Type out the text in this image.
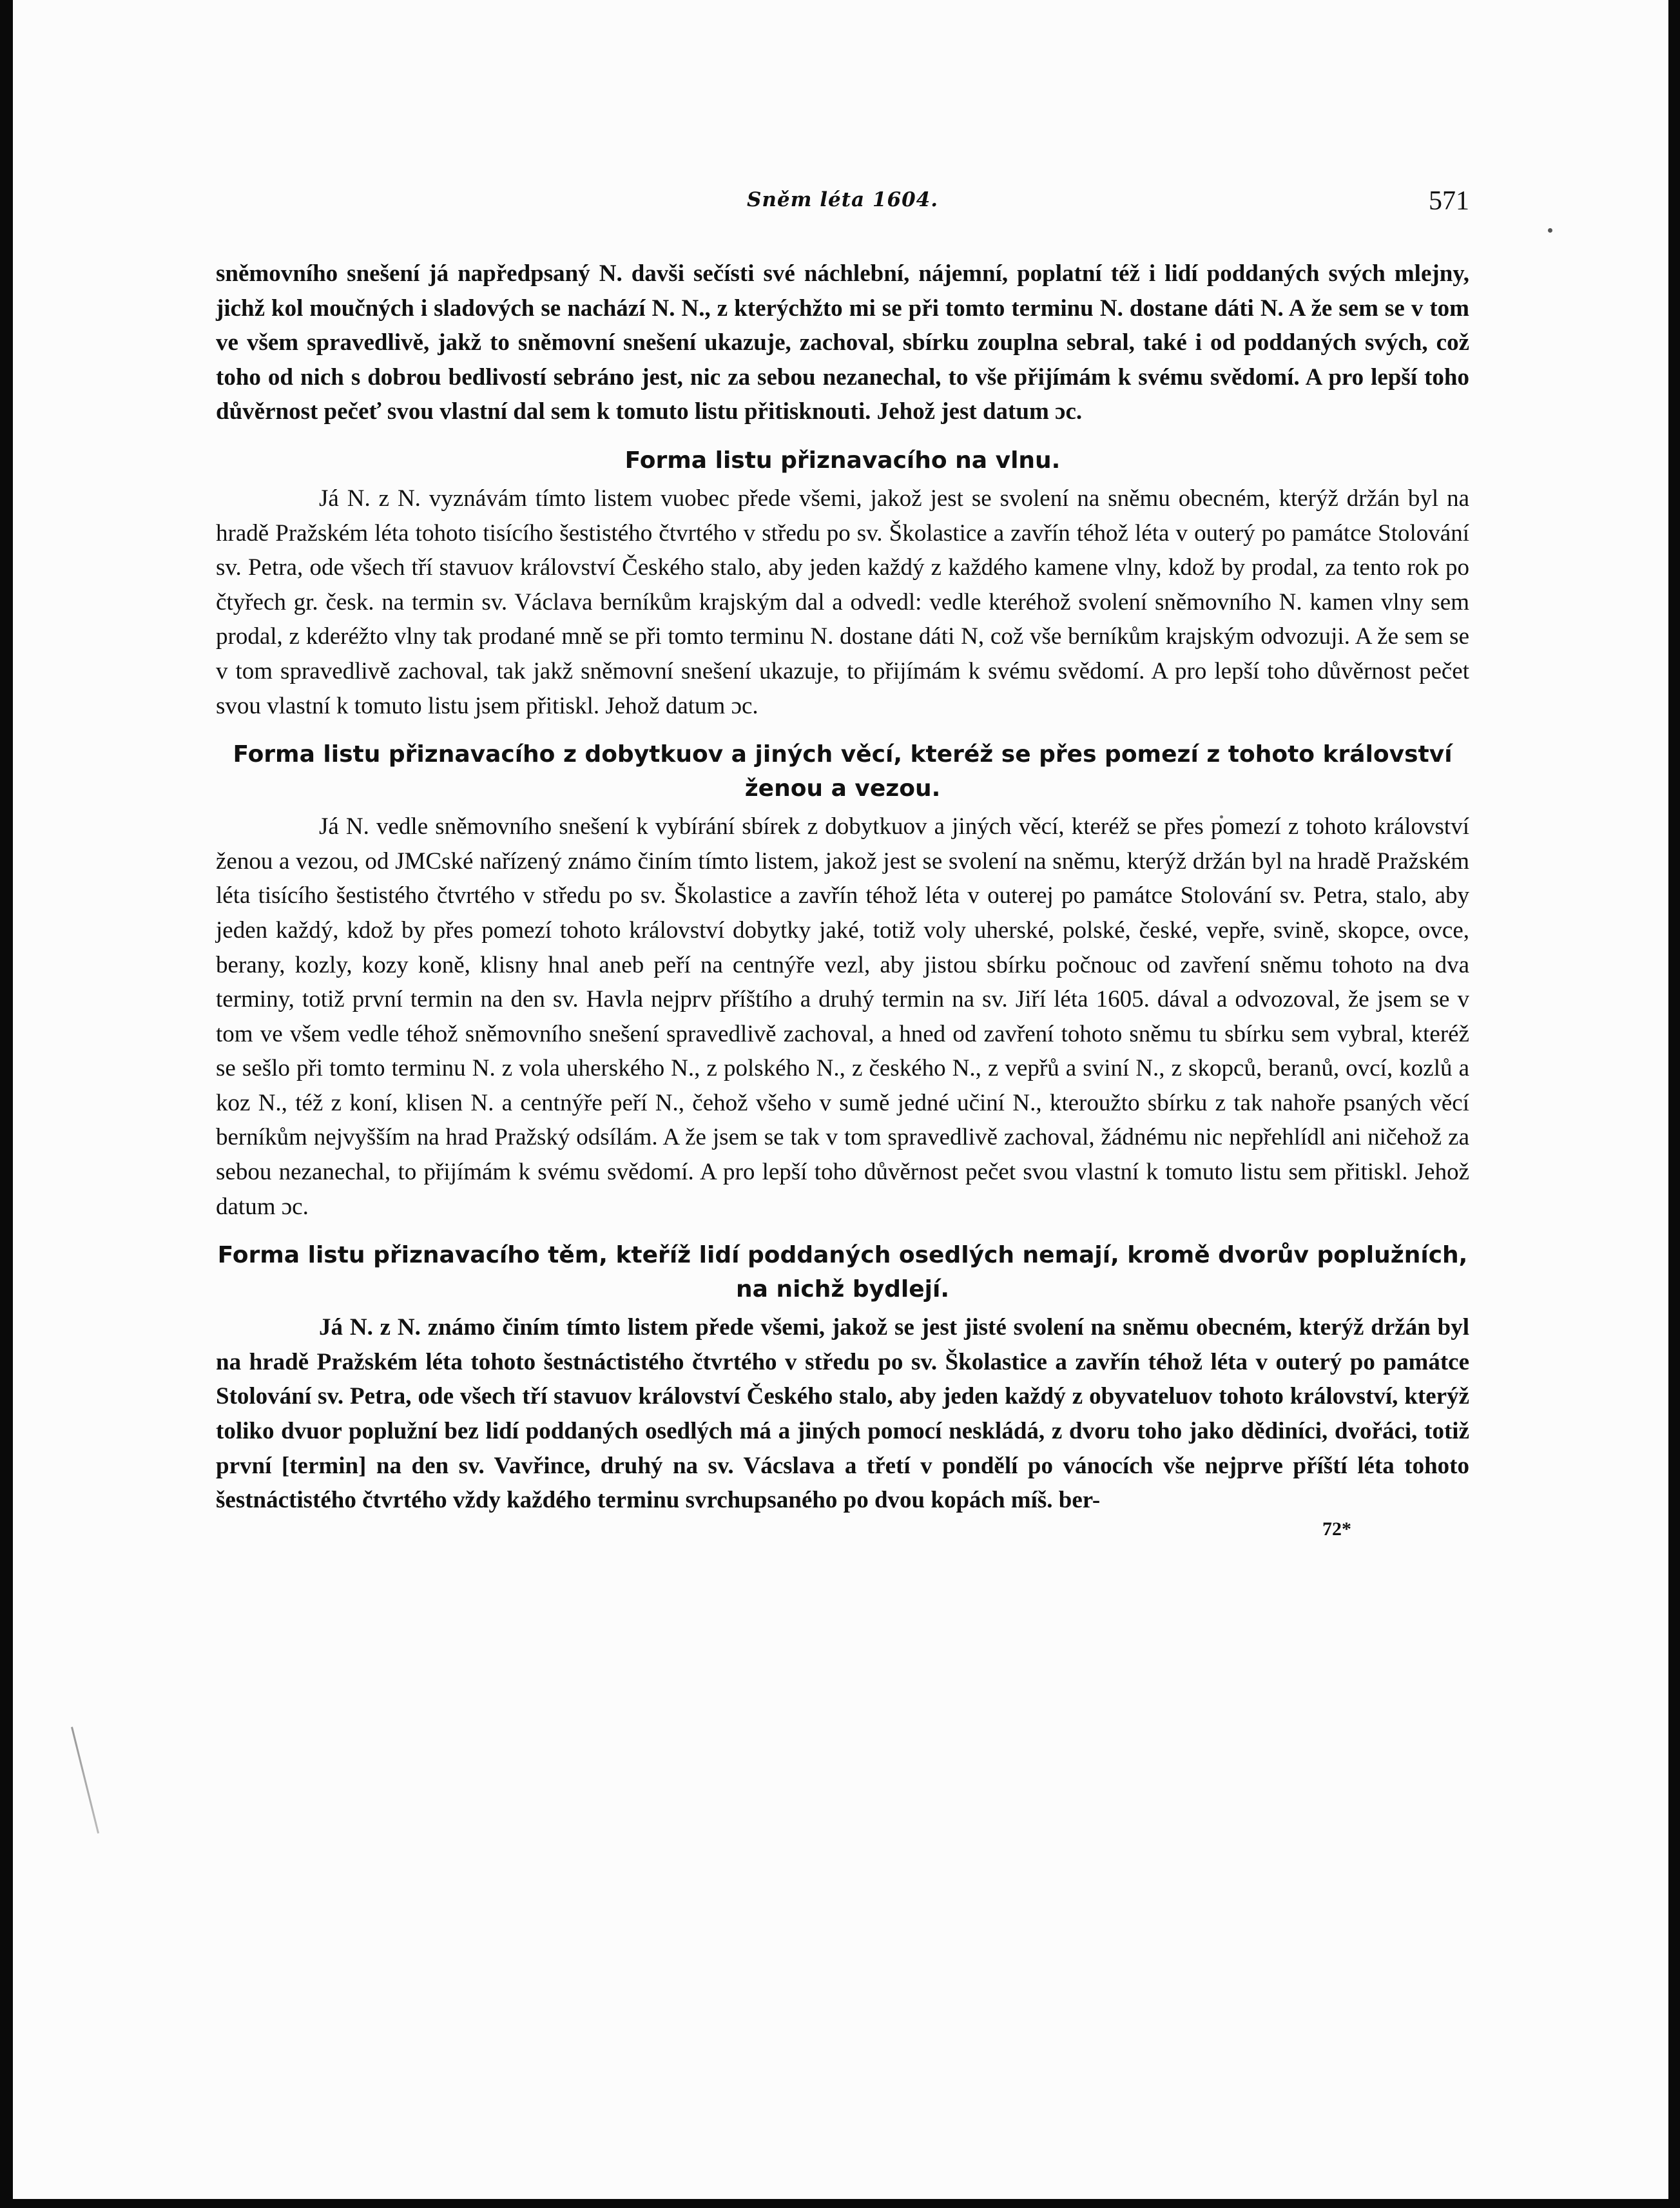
Sněm léta 1604.	571

sněmovního snešení já napředpsaný N. davši sečísti své náchlební, nájemní, poplatní též i lidí poddaných svých mlejny, jichž kol moučných i sladových se nachází N. N., z kterýchžto mi se při tomto terminu N. dostane dáti N. A že sem se v tom ve všem spravedlivě, jakž to sněmovní snešení ukazuje, zachoval, sbírku zouplna sebral, také i od poddaných svých, což toho od nich s dobrou bedlivostí sebráno jest, nic za sebou nezanechal, to vše přijímám k svému svědomí. A pro lepší toho důvěrnost pečeť svou vlastní dal sem k tomuto listu přitisknouti. Jehož jest datum ɔc.

Forma listu přiznavacího na vlnu.

Já N. z N. vyznávám tímto listem vuobec přede všemi, jakož jest se svolení na sněmu obecném, kterýž držán byl na hradě Pražském léta tohoto tisícího šestistého čtvrtého v středu po sv. Školastice a zavřín téhož léta v outerý po památce Stolování sv. Petra, ode všech tří stavuov království Českého stalo, aby jeden každý z každého kamene vlny, kdož by prodal, za tento rok po čtyřech gr. česk. na termin sv. Václava berníkům krajským dal a odvedl: vedle kteréhož svolení sněmovního N. kamen vlny sem prodal, z kderéžto vlny tak prodané mně se při tomto terminu N. dostane dáti N, což vše berníkům krajským odvozuji. A že sem se v tom spravedlivě zachoval, tak jakž sněmovní snešení ukazuje, to přijímám k svému svědomí. A pro lepší toho důvěrnost pečet svou vlastní k tomuto listu jsem přitiskl. Jehož datum ɔc.

Forma listu přiznavacího z dobytkuov a jiných věcí, kteréž se přes pomezí z tohoto království ženou a vezou.

Já N. vedle sněmovního snešení k vybírání sbírek z dobytkuov a jiných věcí, kteréž se přes pomezí z tohoto království ženou a vezou, od JMCské nařízený známo činím tímto listem, jakož jest se svolení na sněmu, kterýž držán byl na hradě Pražském léta tisícího šestistého čtvrtého v středu po sv. Školastice a zavřín téhož léta v outerej po památce Stolování sv. Petra, stalo, aby jeden každý, kdož by přes pomezí tohoto království dobytky jaké, totiž voly uherské, polské, české, vepře, svině, skopce, ovce, berany, kozly, kozy koně, klisny hnal aneb peří na centnýře vezl, aby jistou sbírku počnouc od zavření sněmu tohoto na dva terminy, totiž první termin na den sv. Havla nejprv příštího a druhý termin na sv. Jiří léta 1605. dával a odvozoval, že jsem se v tom ve všem vedle téhož sněmovního snešení spravedlivě zachoval, a hned od zavření tohoto sněmu tu sbírku sem vybral, kteréž se sešlo při tomto terminu N. z vola uherského N., z polského N., z českého N., z vepřů a sviní N., z skopců, beranů, ovcí, kozlů a koz N., též z koní, klisen N. a centnýře peří N., čehož všeho v sumě jedné učiní N., kteroužto sbírku z tak nahoře psaných věcí berníkům nejvyšším na hrad Pražský odsílám. A že jsem se tak v tom spravedlivě zachoval, žádnému nic nepřehlídl ani ničehož za sebou nezanechal, to přijímám k svému svědomí. A pro lepší toho důvěrnost pečet svou vlastní k tomuto listu sem přitiskl. Jehož datum ɔc.

Forma listu přiznavacího těm, kteříž lidí poddaných osedlých nemají, kromě dvorův poplužních, na nichž bydlejí.

Já N. z N. známo činím tímto listem přede všemi, jakož se jest jisté svolení na sněmu obecném, kterýž držán byl na hradě Pražském léta tohoto šestnáctistého čtvrtého v středu po sv. Školastice a zavřín téhož léta v outerý po památce Stolování sv. Petra, ode všech tří stavuov království Českého stalo, aby jeden každý z obyvateluov tohoto království, kterýž toliko dvuor poplužní bez lidí poddaných osedlých má a jiných pomocí neskládá, z dvoru toho jako dědiníci, dvořáci, totiž první [termin] na den sv. Vavřince, druhý na sv. Vácslava a třetí v pondělí po vánocích vše nejprve příští léta tohoto šestnáctistého čtvrtého vždy každého terminu svrchupsaného po dvou kopách míš. ber-

72*
